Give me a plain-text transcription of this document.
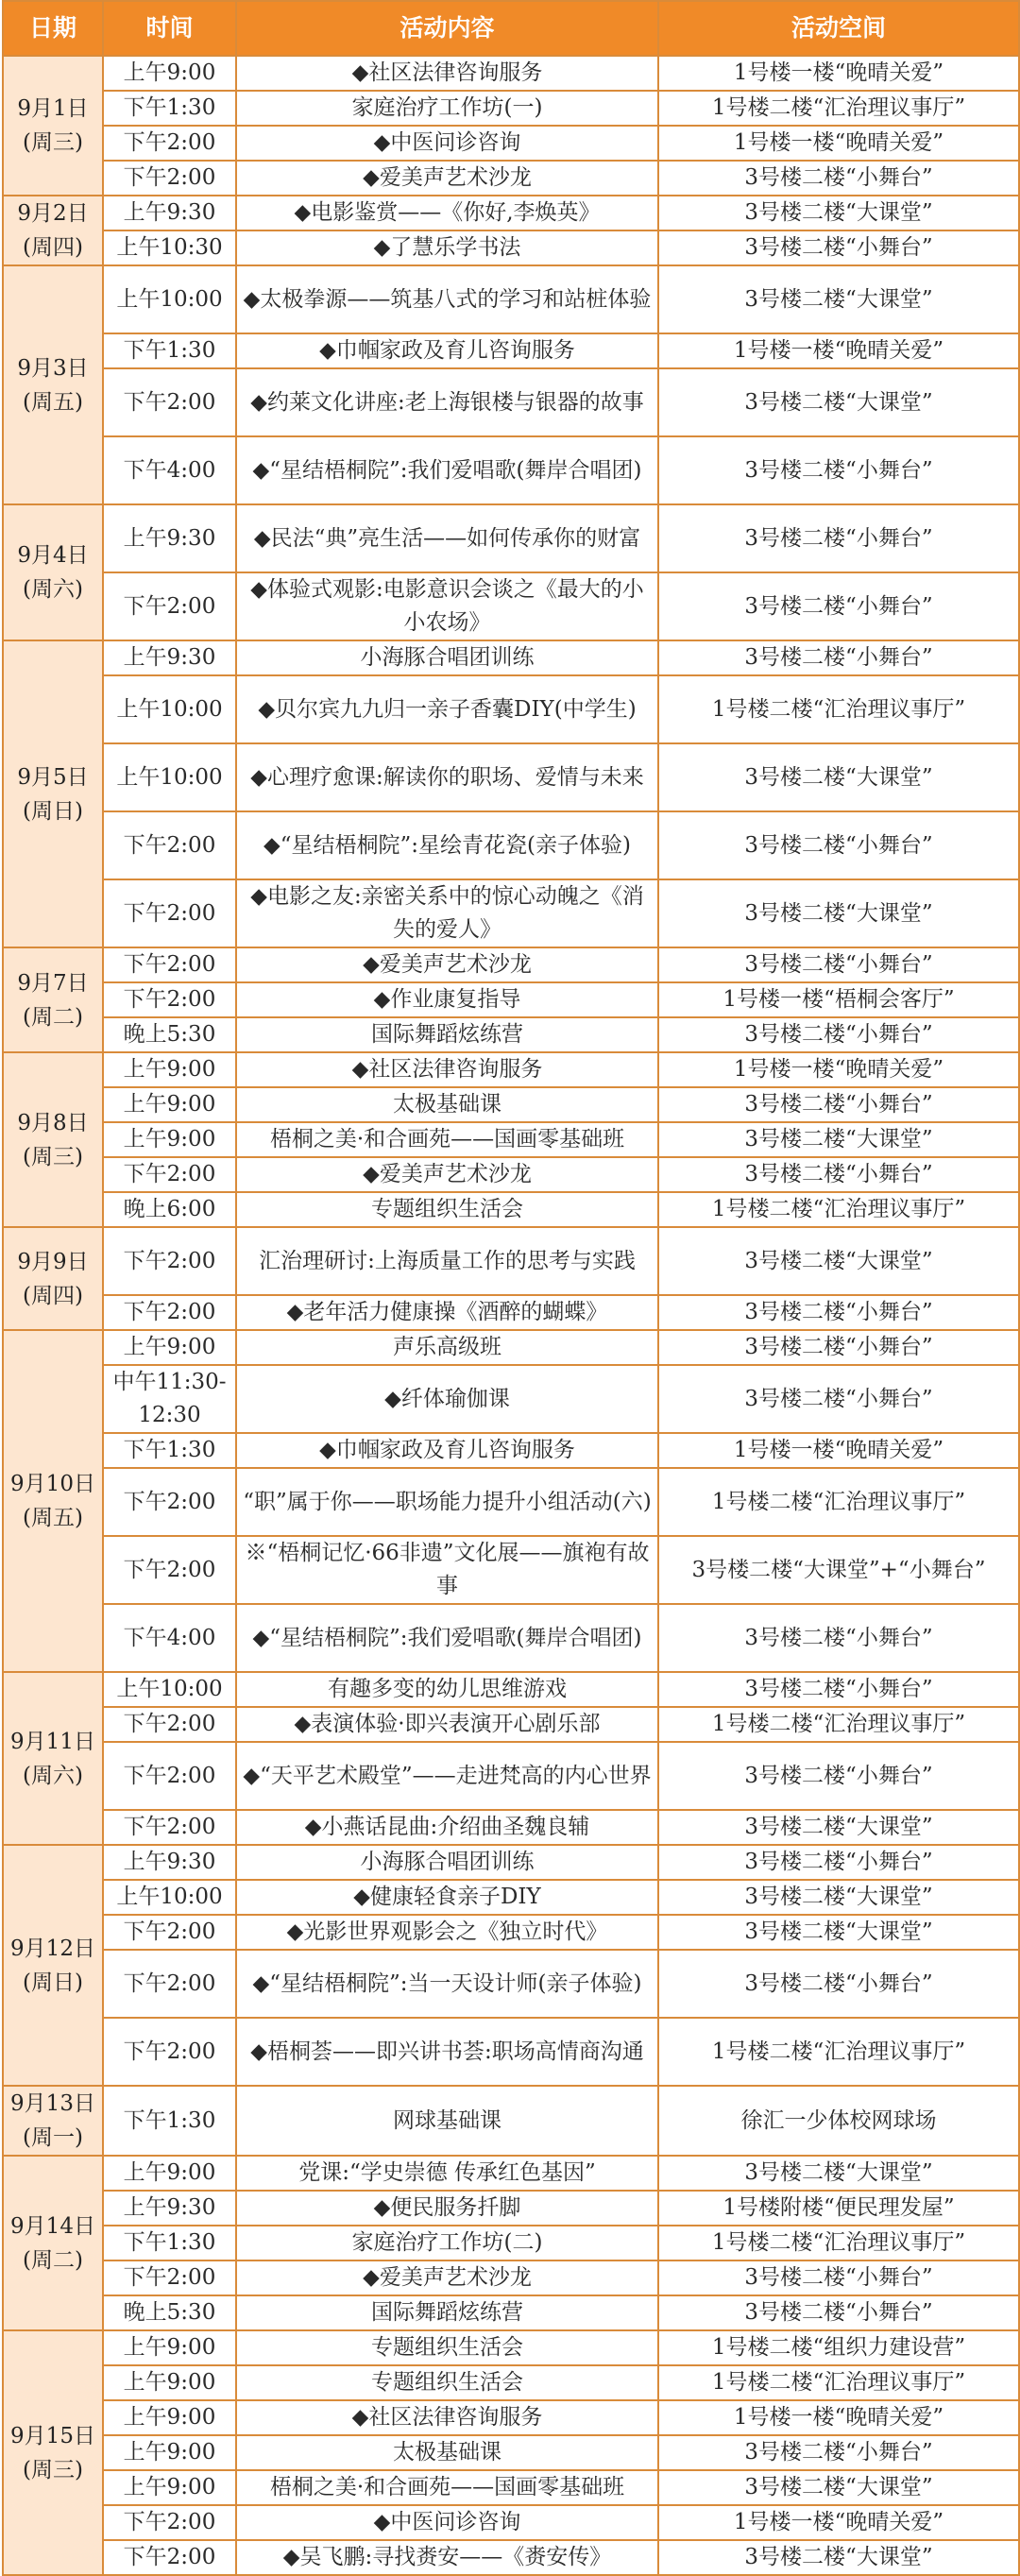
日期	时间	活动内容	活动空间

9月1日
(周三)	上午9:00	◆社区法律咨询服务	1号楼一楼“晚晴关爱”
	下午1:30	家庭治疗工作坊(一)	1号楼二楼“汇治理议事厅”
	下午2:00	◆中医问诊咨询	1号楼一楼“晚晴关爱”
	下午2:00	◆爱美声艺术沙龙	3号楼二楼“小舞台”

9月2日
(周四)	上午9:30	◆电影鉴赏——《你好,李焕英》	3号楼二楼“大课堂”
	上午10:30	◆了慧乐学书法	3号楼二楼“小舞台”

9月3日
(周五)	上午10:00	◆太极拳源——筑基八式的学习和站桩体验	3号楼二楼“大课堂”
	下午1:30	◆巾帼家政及育儿咨询服务	1号楼一楼“晚晴关爱”
	下午2:00	◆约莱文化讲座:老上海银楼与银器的故事	3号楼二楼“大课堂”
	下午4:00	◆“星结梧桐院”:我们爱唱歌(舞岸合唱团)	3号楼二楼“小舞台”

9月4日
(周六)	上午9:30	◆民法“典”亮生活——如何传承你的财富	3号楼二楼“小舞台”
	下午2:00	◆体验式观影:电影意识会谈之《最大的小小农场》	3号楼二楼“小舞台”

9月5日
(周日)	上午9:30	小海豚合唱团训练	3号楼二楼“小舞台”
	上午10:00	◆贝尔宾九九归一亲子香囊DIY(中学生)	1号楼二楼“汇治理议事厅”
	上午10:00	◆心理疗愈课:解读你的职场、爱情与未来	3号楼二楼“大课堂”
	下午2:00	◆“星结梧桐院”:星绘青花瓷(亲子体验)	3号楼二楼“小舞台”
	下午2:00	◆电影之友:亲密关系中的惊心动魄之《消失的爱人》	3号楼二楼“大课堂”

9月7日
(周二)	下午2:00	◆爱美声艺术沙龙	3号楼二楼“小舞台”
	下午2:00	◆作业康复指导	1号楼一楼“梧桐会客厅”
	晚上5:30	国际舞蹈炫练营	3号楼二楼“小舞台”

9月8日
(周三)	上午9:00	◆社区法律咨询服务	1号楼一楼“晚晴关爱”
	上午9:00	太极基础课	3号楼二楼“小舞台”
	上午9:00	梧桐之美·和合画苑——国画零基础班	3号楼二楼“大课堂”
	下午2:00	◆爱美声艺术沙龙	3号楼二楼“小舞台”
	晚上6:00	专题组织生活会	1号楼二楼“汇治理议事厅”

9月9日
(周四)	下午2:00	汇治理研讨:上海质量工作的思考与实践	3号楼二楼“大课堂”
	下午2:00	◆老年活力健康操《酒醉的蝴蝶》	3号楼二楼“小舞台”

9月10日
(周五)	上午9:00	声乐高级班	3号楼二楼“小舞台”
	中午11:30-12:30	◆纤体瑜伽课	3号楼二楼“小舞台”
	下午1:30	◆巾帼家政及育儿咨询服务	1号楼一楼“晚晴关爱”
	下午2:00	“职”属于你——职场能力提升小组活动(六)	1号楼二楼“汇治理议事厅”
	下午2:00	※“梧桐记忆·66非遗”文化展——旗袍有故事	3号楼二楼“大课堂”+“小舞台”
	下午4:00	◆“星结梧桐院”:我们爱唱歌(舞岸合唱团)	3号楼二楼“小舞台”

9月11日
(周六)	上午10:00	有趣多变的幼儿思维游戏	3号楼二楼“小舞台”
	下午2:00	◆表演体验·即兴表演开心剧乐部	1号楼二楼“汇治理议事厅”
	下午2:00	◆“天平艺术殿堂”——走进梵高的内心世界	3号楼二楼“小舞台”
	下午2:00	◆小燕话昆曲:介绍曲圣魏良辅	3号楼二楼“大课堂”

9月12日
(周日)	上午9:30	小海豚合唱团训练	3号楼二楼“小舞台”
	上午10:00	◆健康轻食亲子DIY	3号楼二楼“大课堂”
	下午2:00	◆光影世界观影会之《独立时代》	3号楼二楼“大课堂”
	下午2:00	◆“星结梧桐院”:当一天设计师(亲子体验)	3号楼二楼“小舞台”
	下午2:00	◆梧桐荟——即兴讲书荟:职场高情商沟通	1号楼二楼“汇治理议事厅”

9月13日
(周一)	下午1:30	网球基础课	徐汇一少体校网球场

9月14日
(周二)	上午9:00	党课:“学史崇德 传承红色基因”	3号楼二楼“大课堂”
	上午9:30	◆便民服务扦脚	1号楼附楼“便民理发屋”
	下午1:30	家庭治疗工作坊(二)	1号楼二楼“汇治理议事厅”
	下午2:00	◆爱美声艺术沙龙	3号楼二楼“小舞台”
	晚上5:30	国际舞蹈炫练营	3号楼二楼“小舞台”

9月15日
(周三)	上午9:00	专题组织生活会	1号楼二楼“组织力建设营”
	上午9:00	专题组织生活会	1号楼二楼“汇治理议事厅”
	上午9:00	◆社区法律咨询服务	1号楼一楼“晚晴关爱”
	上午9:00	太极基础课	3号楼二楼“小舞台”
	上午9:00	梧桐之美·和合画苑——国画零基础班	3号楼二楼“大课堂”
	下午2:00	◆中医问诊咨询	1号楼一楼“晚晴关爱”
	下午2:00	◆吴飞鹏:寻找赉安——《赉安传》	3号楼二楼“大课堂”
